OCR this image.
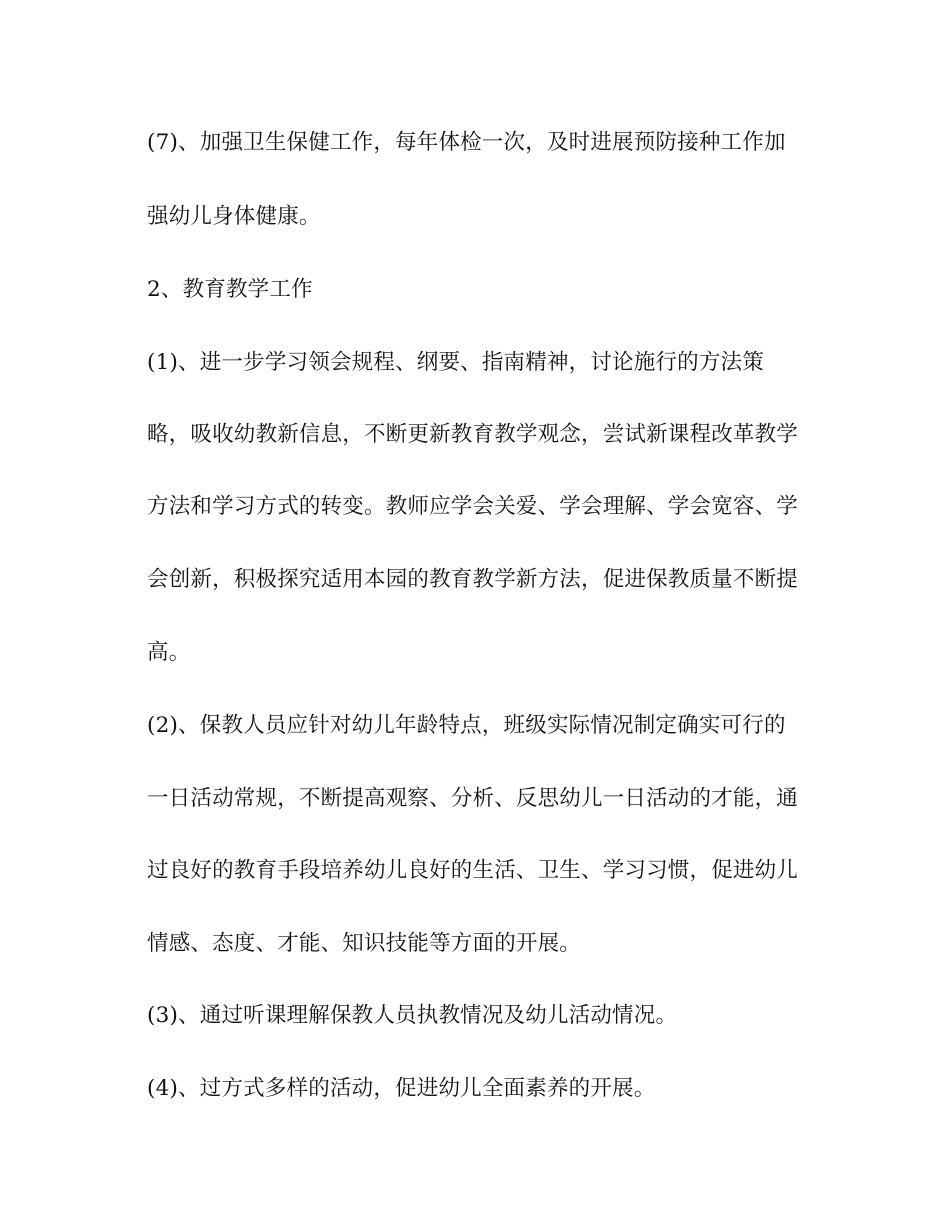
(7)、加强卫生保健工作，每年体检一次，及时进展预防接种工作加
强幼儿身体健康。
2、教育教学工作
(1)、进一步学习领会规程、纲要、指南精神，讨论施行的方法策
略，吸收幼教新信息，不断更新教育教学观念，尝试新课程改革教学
方法和学习方式的转变。教师应学会关爱、学会理解、学会宽容、学
会创新，积极探究适用本园的教育教学新方法，促进保教质量不断提
高。
(2)、保教人员应针对幼儿年龄特点，班级实际情况制定确实可行的
一日活动常规，不断提高观察、分析、反思幼儿一日活动的才能，通
过良好的教育手段培养幼儿良好的生活、卫生、学习习惯，促进幼儿
情感、态度、才能、知识技能等方面的开展。
(3)、通过听课理解保教人员执教情况及幼儿活动情况。
(4)、过方式多样的活动，促进幼儿全面素养的开展。
